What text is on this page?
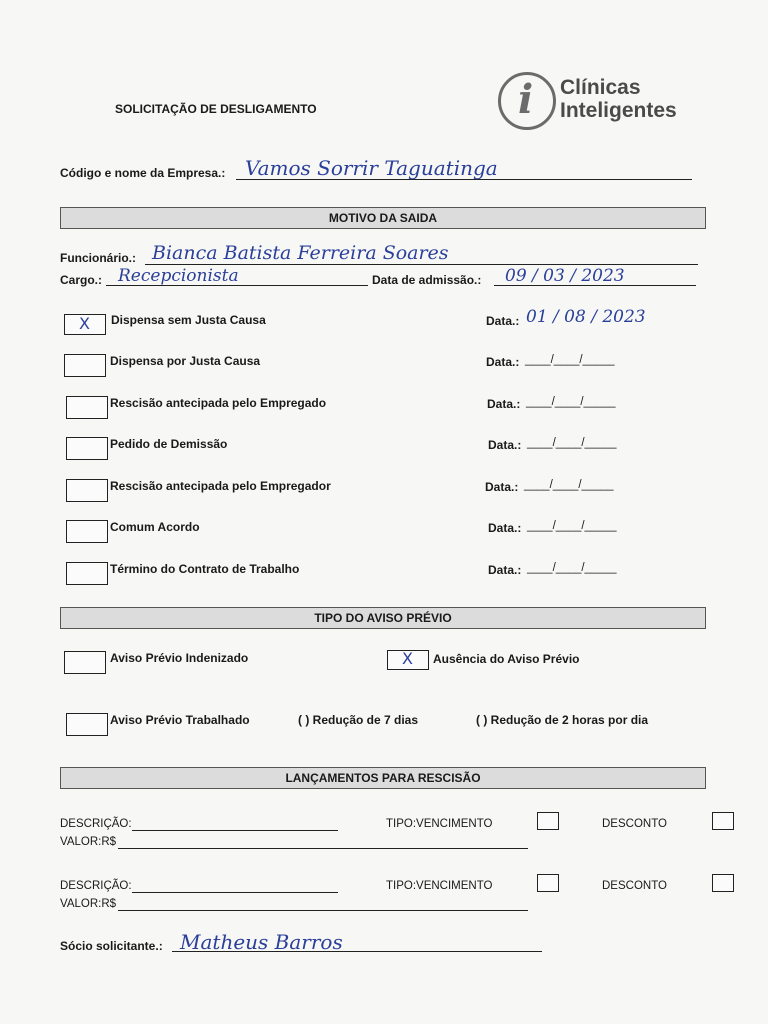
SOLICITAÇÃO DE DESLIGAMENTO	i Clínicas
Inteligentes
Código e nome da Empresa.: Vamos Sorrir Taguatinga
MOTIVO DA SAIDA
Funcionário.: Bianca Batista Ferreira Soares
Cargo.: Recepcionista	Data de admissão.: 09 / 03 / 2023
X Dispensa sem Justa Causa	Data.: 01 / 08 / 2023
Dispensa por Justa Causa	Data.: ____/____/_____
Rescisão antecipada pelo Empregado	Data.: ____/____/_____
Pedido de Demissão	Data.: ____/____/_____
Rescisão antecipada pelo Empregador	Data.: ____/____/_____
Comum Acordo	Data.: ____/____/_____
Término do Contrato de Trabalho	Data.: ____/____/_____
TIPO DO AVISO PRÉVIO
Aviso Prévio Indenizado	X Ausência do Aviso Prévio
Aviso Prévio Trabalhado	( ) Redução de 7 dias	( ) Redução de 2 horas por dia
LANÇAMENTOS PARA RESCISÃO
DESCRIÇÃO:	TIPO:VENCIMENTO	DESCONTO
VALOR:R$
DESCRIÇÃO:	TIPO:VENCIMENTO	DESCONTO
VALOR:R$
Sócio solicitante.: Matheus Barros
